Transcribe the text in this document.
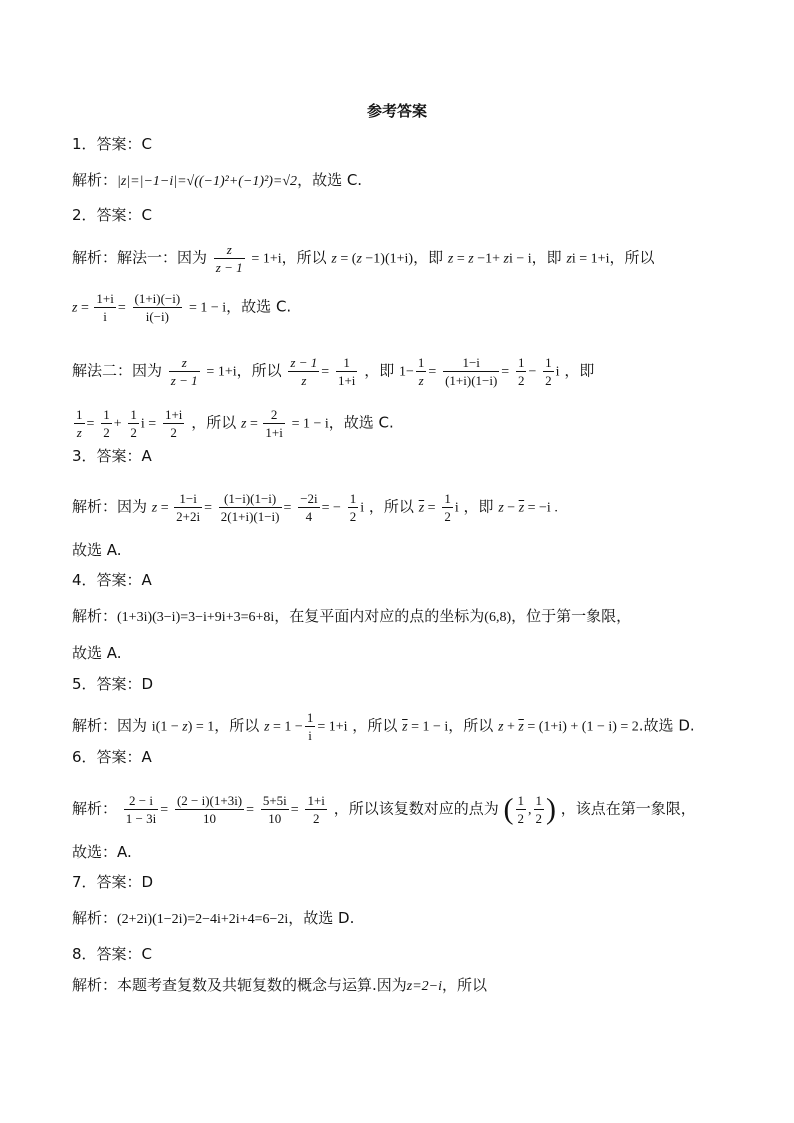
参考答案
1．答案：C
解析：|z|=|−1−i|=√((−1)²+(−1)²)=√2，故选 C.
2．答案：C
解析：解法一：因为 $\frac{z}{z - 1} = 1+i$，所以 z = (z −1)(1+i)，即 z = z −1+ zi − i，即 zi = 1+i，所以
$z = \frac{1+i}{i} = \frac{(1+i)(-i)}{i(-i)} = 1 - i$，故选 C.
解法二：因为 $\frac{z}{z - 1} = 1+i$，所以 $\frac{z - 1}{z} = \frac{1}{1+i}$ ，即 $1- \frac{1}{z} = \frac{1-i}{(1+i)(1-i)} = \frac{1}{2} - \frac{1}{2}$ i ，即
$\frac{1}{z} = \frac{1}{2} + \frac{1}{2}$ $i = \frac{1+i}{2}$ ，所以 $z = \frac{2}{1+i} = 1 - i$，故选 C.
3．答案：A
解析：因为 $z = \frac{1-i}{2+2i} = \frac{(1-i)(1-i)}{2(1+i)(1-i)} = \frac{-2i}{4}$ = − $\frac{1}{2}$ i ，所以 $\overline{z} = \frac{1}{2}$ i ，即 $z - \overline{z} = -i$ .
故选 A.
4．答案：A
解析：(1+3i)(3−i)=3−i+9i+3=6+8i，在复平面内对应的点的坐标为(6,8)，位于第一象限，
故选 A.
5．答案：D
解析：因为 i(1 − z) = 1，所以 $z = 1 - \frac{1}{i} = 1+i$ ，所以 $\overline{z} = 1 - i$，所以 $z + \overline{z} = (1+i) + (1 - i) = 2$.故选 D.
6．答案：A
解析： $\frac{2 - i}{1 - 3i} = \frac{(2 - i)(1+3i)}{10} = \frac{5+5i}{10} = \frac{1+i}{2}$ ，所以该复数对应的点为 ( $\frac{1}{2}$ , $\frac{1}{2}$ ) ，该点在第一象限，
故选：A.
7．答案：D
解析：(2+2i)(1−2i)=2−4i+2i+4=6−2i，故选 D.
8．答案：C
解析：本题考查复数及共轭复数的概念与运算.因为z=2−i，所以
